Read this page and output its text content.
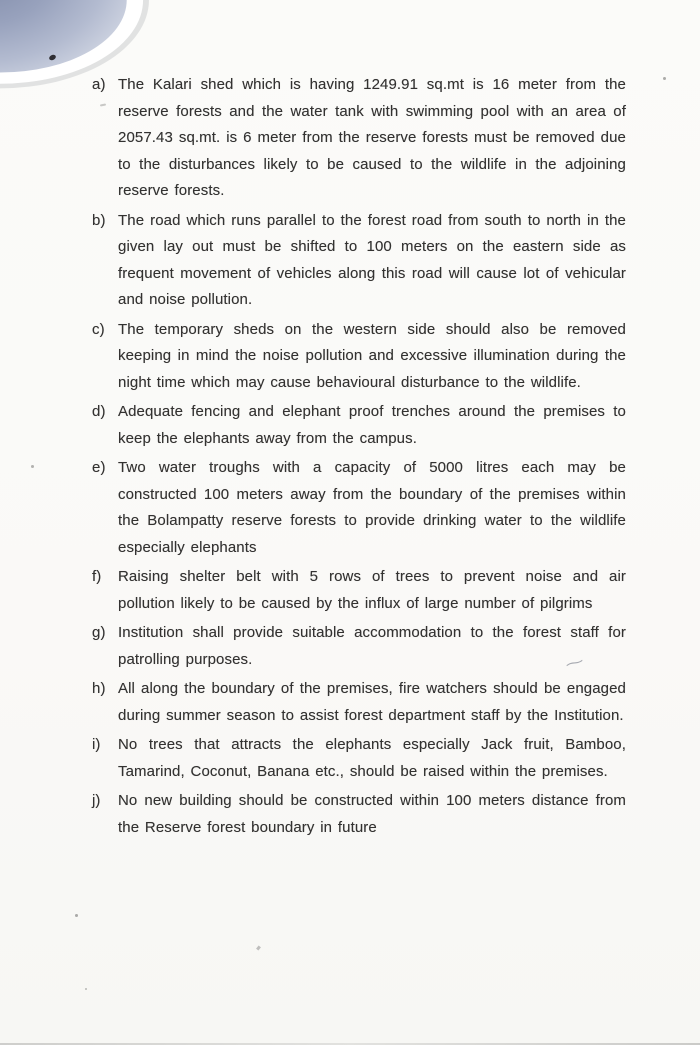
a) The Kalari shed which is having 1249.91 sq.mt is 16 meter from the reserve forests and the water tank with swimming pool with an area of 2057.43 sq.mt. is 6 meter from the reserve forests must be removed due to the disturbances likely to be caused to the wildlife in the adjoining reserve forests.
b) The road which runs parallel to the forest road from south to north in the given lay out must be shifted to 100 meters on the eastern side as frequent movement of vehicles along this road will cause lot of vehicular and noise pollution.
c) The temporary sheds on the western side should also be removed keeping in mind the noise pollution and excessive illumination during the night time which may cause behavioural disturbance to the wildlife.
d) Adequate fencing and elephant proof trenches around the premises to keep the elephants away from the campus.
e) Two water troughs with a capacity of 5000 litres each may be constructed 100 meters away from the boundary of the premises within the Bolampatty reserve forests to provide drinking water to the wildlife especially elephants
f) Raising shelter belt with 5 rows of trees to prevent noise and air pollution likely to be caused by the influx of large number of pilgrims
g) Institution shall provide suitable accommodation to the forest staff for patrolling purposes.
h) All along the boundary of the premises, fire watchers should be engaged during summer season to assist forest department staff by the Institution.
i) No trees that attracts the elephants especially Jack fruit, Bamboo, Tamarind, Coconut, Banana etc., should be raised within the premises.
j) No new building should be constructed within 100 meters distance from the Reserve forest boundary in future
⁓
